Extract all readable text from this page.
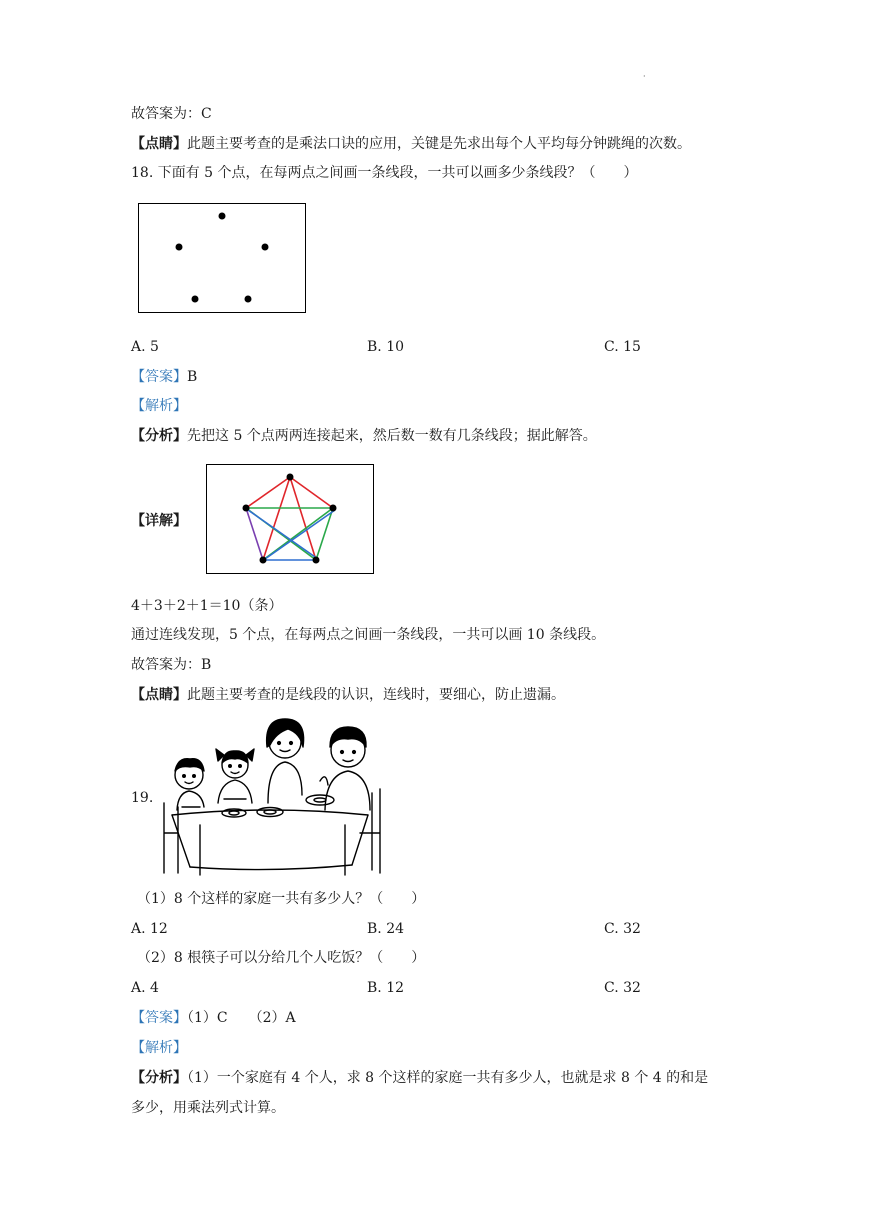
·
故答案为：C
【点睛】此题主要考查的是乘法口诀的应用，关键是先求出每个人平均每分钟跳绳的次数。
18. 下面有 5 个点，在每两点之间画一条线段，一共可以画多少条线段？（　　）
A. 5	B. 10	C. 15
【答案】B
【解析】
【分析】先把这 5 个点两两连接起来，然后数一数有几条线段；据此解答。
【详解】
4＋3＋2＋1＝10（条）
通过连线发现，5 个点，在每两点之间画一条线段，一共可以画 10 条线段。
故答案为：B
【点睛】此题主要考查的是线段的认识，连线时，要细心，防止遗漏。
19.
（1）8 个这样的家庭一共有多少人？（　　）
A. 12	B. 24	C. 32
（2）8 根筷子可以分给几个人吃饭？（　　）
A. 4	B. 12	C. 32
【答案】（1）C　　（2）A
【解析】
【分析】（1）一个家庭有 4 个人，求 8 个这样的家庭一共有多少人，也就是求 8 个 4 的和是
多少，用乘法列式计算。
